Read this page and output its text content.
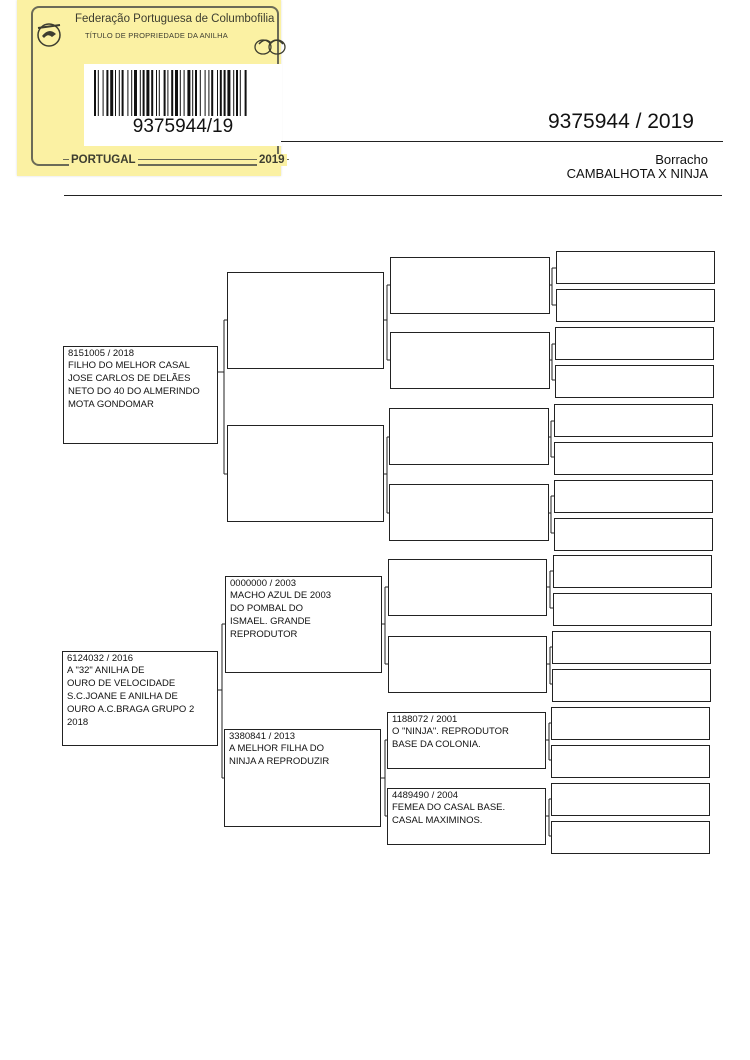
Federação Portuguesa de Columbofilia
TÍTULO DE PROPRIEDADE DA ANILHA
9375944/19
PORTUGAL	2019
9375944 / 2019
Borracho
CAMBALHOTA X NINJA
8151005 / 2018
FILHO DO MELHOR CASAL
JOSE CARLOS DE DELÃES
NETO DO 40 DO ALMERINDO
MOTA GONDOMAR
6124032 / 2016
A "32" ANILHA DE
OURO DE VELOCIDADE
S.C.JOANE E ANILHA DE
OURO A.C.BRAGA GRUPO 2
2018
0000000 / 2003
MACHO AZUL DE 2003
DO POMBAL DO
ISMAEL. GRANDE
REPRODUTOR
3380841 / 2013
A MELHOR FILHA DO
NINJA A REPRODUZIR
1188072 / 2001
O "NINJA". REPRODUTOR
BASE DA COLONIA.
4489490 / 2004
FEMEA DO CASAL BASE.
CASAL MAXIMINOS.
